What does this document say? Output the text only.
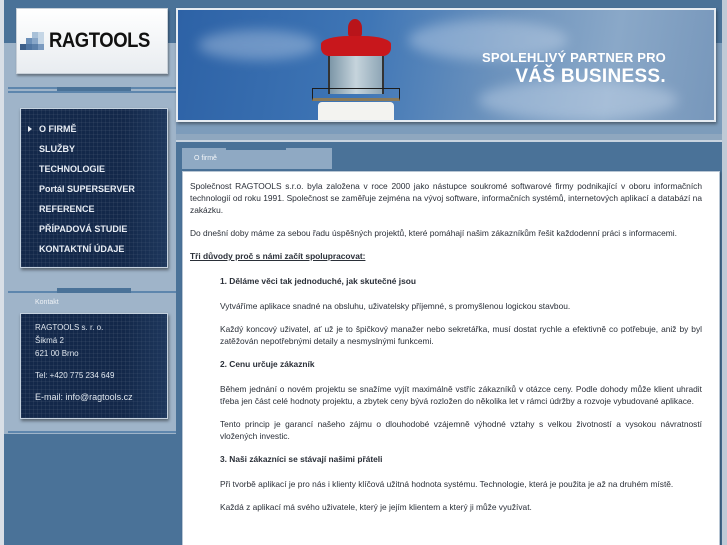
RAGTOOLS
O FIRMĚ
SLUŽBY
TECHNOLOGIE
Portál SUPERSERVER
REFERENCE
PŘÍPADOVÁ STUDIE
KONTAKTNÍ ÚDAJE
Kontakt
RAGTOOLS s. r. o.
Šikmá 2
621 00 Brno
Tel: +420 775 234 649
E-mail: info@ragtools.cz
SPOLEHLIVÝ PARTNER PRO
VÁŠ BUSINESS.
O firmě

Společnost RAGTOOLS s.r.o. byla založena v roce 2000 jako nástupce soukromé softwarové firmy podnikající v oboru informačních technologií od roku 1991. Společnost se zaměřuje zejména na vývoj software, informačních systémů, internetových aplikací a databází na zakázku.

Do dnešní doby máme za sebou řadu úspěšných projektů, které pomáhají našim zákazníkům řešit každodenní práci s informacemi.

Tři důvody proč s námi začít spolupracovat:

1. Děláme věci tak jednoduché, jak skutečné jsou

Vytváříme aplikace snadné na obsluhu, uživatelsky příjemné, s promyšlenou logickou stavbou.

Každý koncový uživatel, ať už je to špičkový manažer nebo sekretářka, musí dostat rychle a efektivně co potřebuje, aniž by byl zatěžován nepotřebnými detaily a nesmyslnými funkcemi.

2. Cenu určuje zákazník

Během jednání o novém projektu se snažíme vyjít maximálně vstříc zákazníků v otázce ceny. Podle dohody může klient uhradit třeba jen část celé hodnoty projektu, a zbytek ceny bývá rozložen do několika let v rámci údržby a rozvoje vybudované aplikace.

Tento princip je garancí našeho zájmu o dlouhodobé vzájemně výhodné vztahy s velkou životností a vysokou návratností vložených investic.

3. Naši zákazníci se stávají našimi přáteli

Při tvorbě aplikací je pro nás i klienty klíčová užitná hodnota systému. Technologie, která je použita je až na druhém místě.

Každá z aplikací má svého uživatele, který je jejím klientem a který ji může využívat.
